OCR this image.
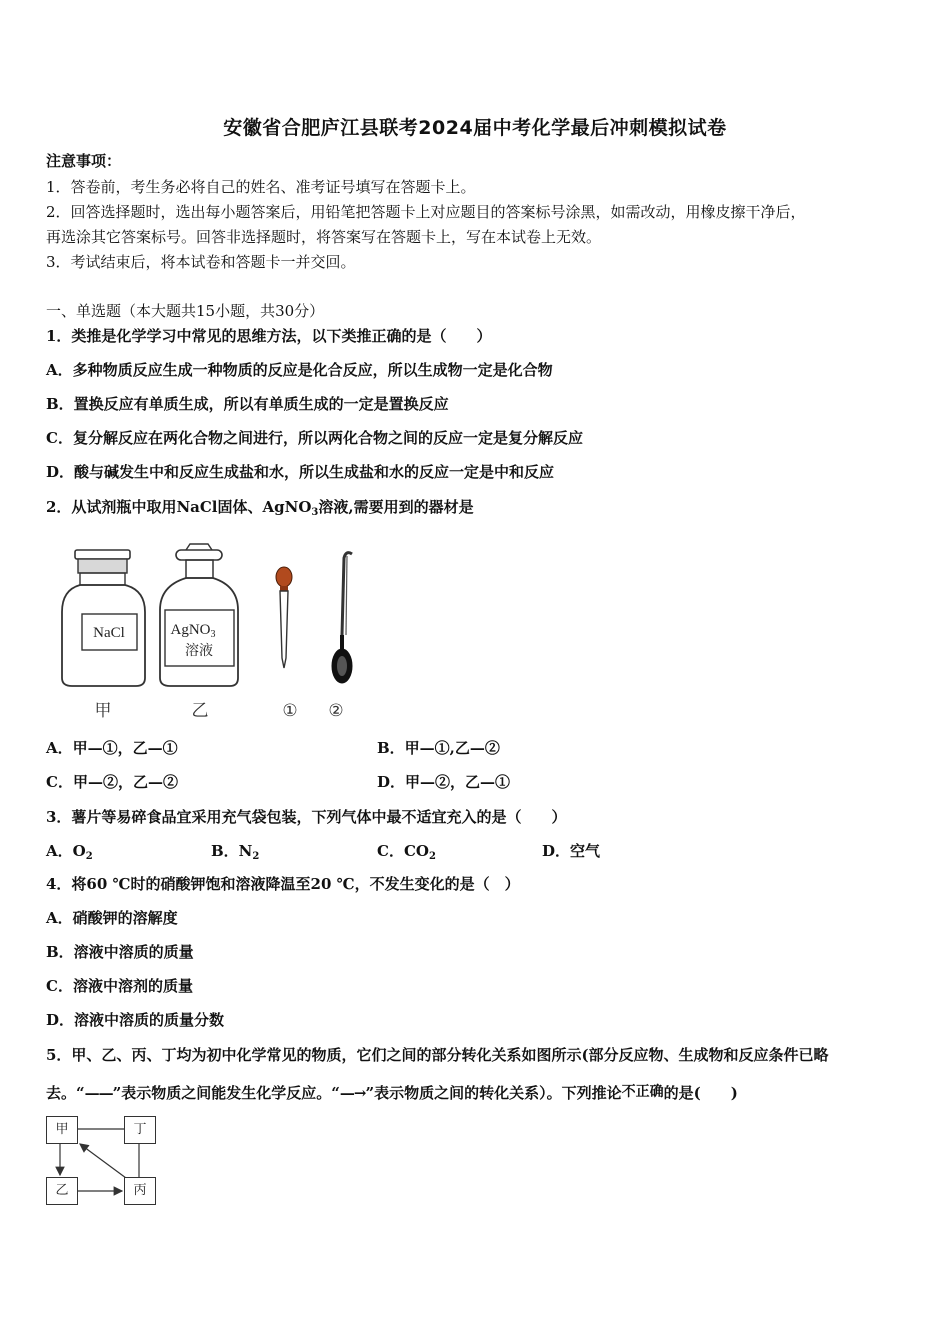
安徽省合肥庐江县联考2024届中考化学最后冲刺模拟试卷
注意事项：
1．答卷前，考生务必将自己的姓名、准考证号填写在答题卡上。
2．回答选择题时，选出每小题答案后，用铅笔把答题卡上对应题目的答案标号涂黑，如需改动，用橡皮擦干净后，
再选涂其它答案标号。回答非选择题时，将答案写在答题卡上，写在本试卷上无效。
3．考试结束后，将本试卷和答题卡一并交回。
一、单选题（本大题共15小题，共30分）
1．类推是化学学习中常见的思维方法，以下类推正确的是（　　）
A．多种物质反应生成一种物质的反应是化合反应，所以生成物一定是化合物
B．置换反应有单质生成，所以有单质生成的一定是置换反应
C．复分解反应在两化合物之间进行，所以两化合物之间的反应一定是复分解反应
D．酸与碱发生中和反应生成盐和水，所以生成盐和水的反应一定是中和反应
2．从试剂瓶中取用NaCl固体、AgNO$_3$溶液,需要用到的器材是
NaCl	AgNO$_3$
溶液
甲	乙	① ②
A．甲—①，乙—①	B．甲—①,乙—②
C．甲—②，乙—②	D．甲—②，乙—①
3．薯片等易碎食品宜采用充气袋包装，下列气体中最不适宜充入的是（　　）
A．$O_2$	B．$N_2$	C．$CO_2$	D．空气
4．将60 ℃时的硝酸钾饱和溶液降温至20 ℃，不发生变化的是（　）
A．硝酸钾的溶解度
B．溶液中溶质的质量
C．溶液中溶剂的质量
D．溶液中溶质的质量分数
5．甲、乙、丙、丁均为初中化学常见的物质，它们之间的部分转化关系如图所示(部分反应物、生成物和反应条件已略
去。“——”表示物质之间能发生化学反应。“—→”表示物质之间的转化关系）。下列推论不正确的是(　　)
甲	丁
乙	丙
